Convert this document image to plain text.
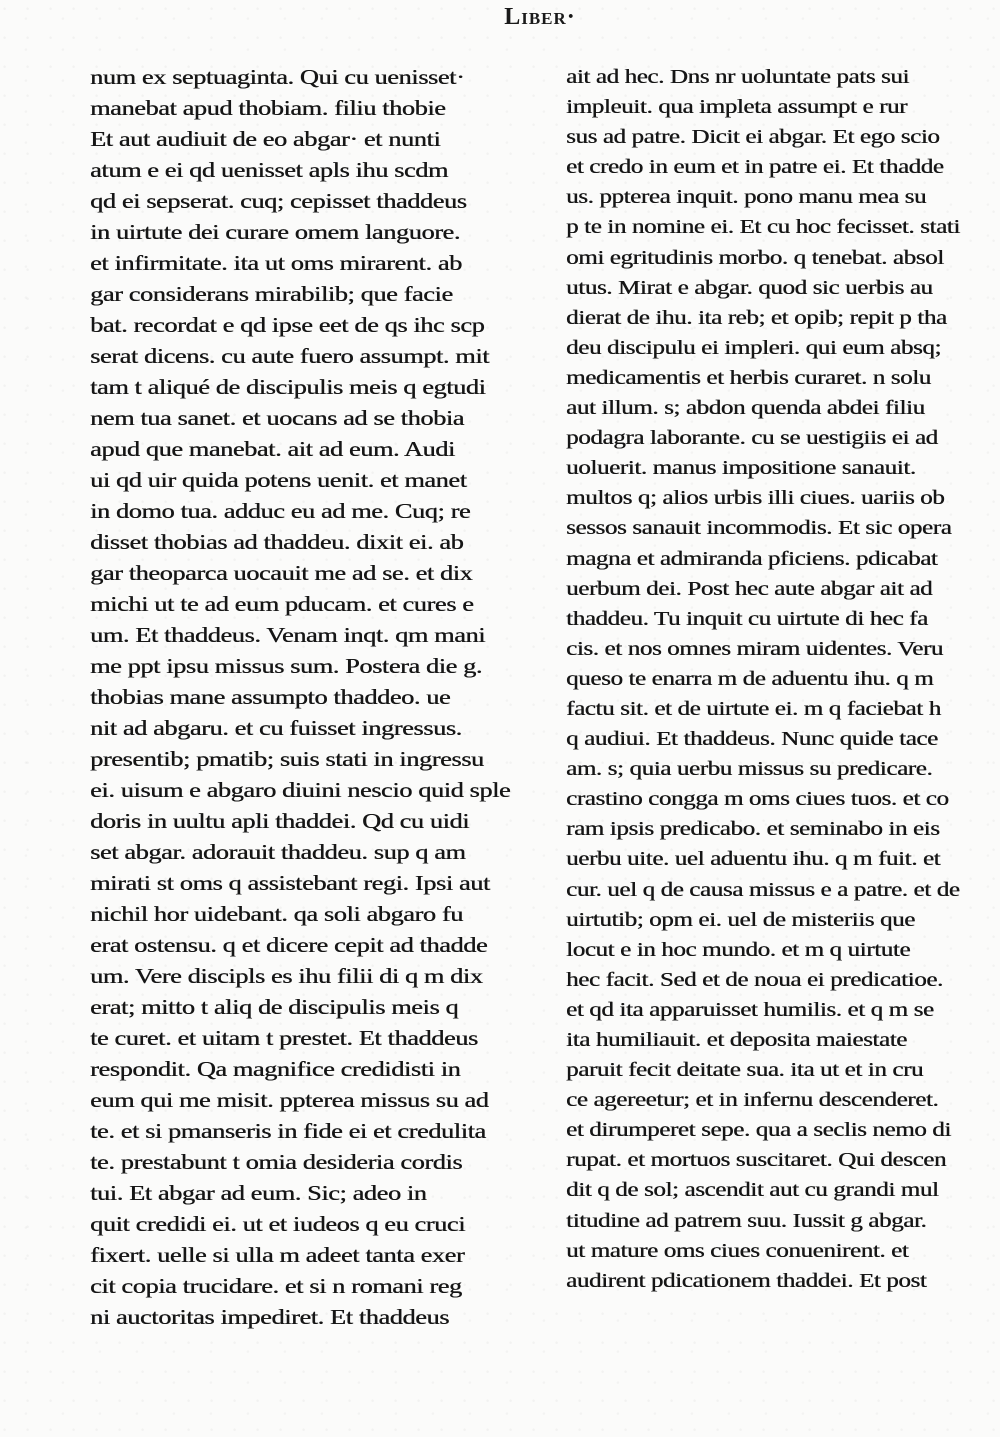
Liber·
num ex septuaginta. Qui cu uenisset·
manebat apud thobiam. filiu thobie
Et aut audiuit de eo abgar· et nunti
atum e ei qd uenisset apls ihu scdm
qd ei sepserat. cuq; cepisset thaddeus
in uirtute dei curare omem languore.
et infirmitate. ita ut oms mirarent. ab
gar considerans mirabilib; que facie
bat. recordat e qd ipse eet de qs ihc scp
serat dicens. cu aute fuero assumpt. mit
tam t aliqué de discipulis meis q egtudi
nem tua sanet. et uocans ad se thobia
apud que manebat. ait ad eum. Audi
ui qd uir quida potens uenit. et manet
in domo tua. adduc eu ad me. Cuq; re
disset thobias ad thaddeu. dixit ei. ab
gar theoparca uocauit me ad se. et dix
michi ut te ad eum pducam. et cures e
um. Et thaddeus. Venam inqt. qm mani
me ppt ipsu missus sum. Postera die g.
thobias mane assumpto thaddeo. ue
nit ad abgaru. et cu fuisset ingressus.
presentib; pmatib; suis stati in ingressu
ei. uisum e abgaro diuini nescio quid sple
doris in uultu apli thaddei. Qd cu uidi
set abgar. adorauit thaddeu. sup q am
mirati st oms q assistebant regi. Ipsi aut
nichil hor uidebant. qa soli abgaro fu
erat ostensu. q et dicere cepit ad thadde
um. Vere discipls es ihu filii di q m dix
erat; mitto t aliq de discipulis meis q
te curet. et uitam t prestet. Et thaddeus
respondit. Qa magnifice credidisti in
eum qui me misit. ppterea missus su ad
te. et si pmanseris in fide ei et credulita
te. prestabunt t omia desideria cordis
tui. Et abgar ad eum. Sic; adeo in
quit credidi ei. ut et iudeos q eu cruci
fixert. uelle si ulla m adeet tanta exer
cit copia trucidare. et si n romani reg
ni auctoritas impediret. Et thaddeus
ait ad hec. Dns nr uoluntate pats sui
impleuit. qua impleta assumpt e rur
sus ad patre. Dicit ei abgar. Et ego scio
et credo in eum et in patre ei. Et thadde
us. ppterea inquit. pono manu mea su
p te in nomine ei. Et cu hoc fecisset. stati
omi egritudinis morbo. q tenebat. absol
utus. Mirat e abgar. quod sic uerbis au
dierat de ihu. ita reb; et opib; repit p tha
deu discipulu ei impleri. qui eum absq;
medicamentis et herbis curaret. n solu
aut illum. s; abdon quenda abdei filiu
podagra laborante. cu se uestigiis ei ad
uoluerit. manus impositione sanauit.
multos q; alios urbis illi ciues. uariis ob
sessos sanauit incommodis. Et sic opera
magna et admiranda pficiens. pdicabat
uerbum dei. Post hec aute abgar ait ad
thaddeu. Tu inquit cu uirtute di hec fa
cis. et nos omnes miram uidentes. Veru
queso te enarra m de aduentu ihu. q m
factu sit. et de uirtute ei. m q faciebat h
q audiui. Et thaddeus. Nunc quide tace
am. s; quia uerbu missus su predicare.
crastino congga m oms ciues tuos. et co
ram ipsis predicabo. et seminabo in eis
uerbu uite. uel aduentu ihu. q m fuit. et
cur. uel q de causa missus e a patre. et de
uirtutib; opm ei. uel de misteriis que
locut e in hoc mundo. et m q uirtute
hec facit. Sed et de noua ei predicatioe.
et qd ita apparuisset humilis. et q m se
ita humiliauit. et deposita maiestate
paruit fecit deitate sua. ita ut et in cru
ce agereetur; et in infernu descenderet.
et dirumperet sepe. qua a seclis nemo di
rupat. et mortuos suscitaret. Qui descen
dit q de sol; ascendit aut cu grandi mul
titudine ad patrem suu. Iussit g abgar.
ut mature oms ciues conuenirent. et
audirent pdicationem thaddei. Et post
